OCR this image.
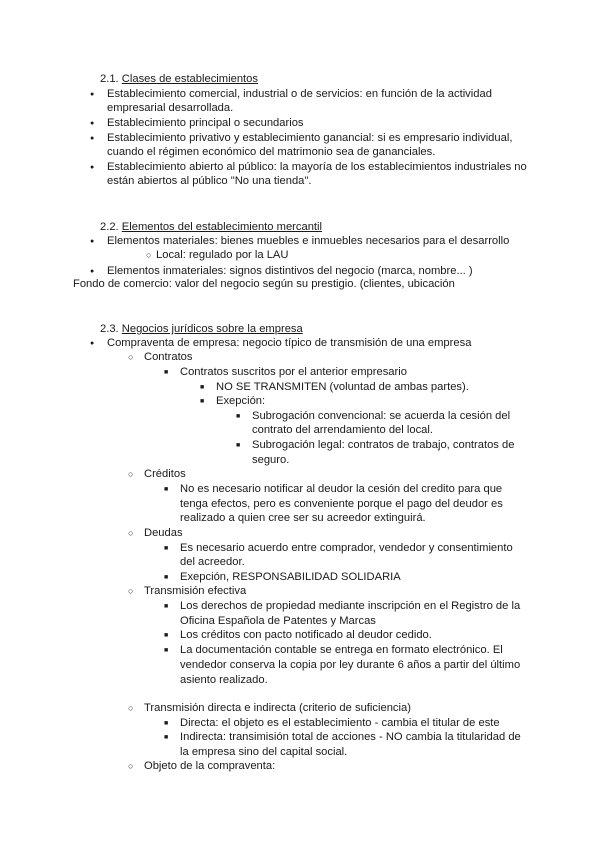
2.1. Clases de establecimientos
●
Establecimiento comercial, industrial o de servicios: en función de la actividad
empresarial desarrollada.
●
Establecimiento principal o secundarios
●
Establecimiento privativo y establecimiento ganancial: si es empresario individual,
cuando el régimen económico del matrimonio sea de gananciales.
●
Establecimiento abierto al público: la mayoría de los establecimientos industriales no
están abiertos al público "No una tienda".
2.2. Elementos del establecimiento mercantil
●
Elementos materiales: bienes muebles e inmuebles necesarios para el desarrollo
○
Local: regulado por la LAU
●
Elementos inmateriales: signos distintivos del negocio (marca, nombre... )
Fondo de comercio: valor del negocio según su prestigio. (clientes, ubicación
2.3. Negocios jurídicos sobre la empresa
●
Compraventa de empresa: negocio típico de transmisión de una empresa
○
Contratos
■
Contratos suscritos por el anterior empresario
■
NO SE TRANSMITEN (voluntad de ambas partes).
■
Exepción:
■
Subrogación convencional: se acuerda la cesión del
contrato del arrendamiento del local.
■
Subrogación legal: contratos de trabajo, contratos de
seguro.
○
Créditos
■
No es necesario notificar al deudor la cesión del credito para que
tenga efectos, pero es conveniente porque el pago del deudor es
realizado a quien cree ser su acreedor extinguirá.
○
Deudas
■
Es necesario acuerdo entre comprador, vendedor y consentimiento
del acreedor.
■
Exepción, RESPONSABILIDAD SOLIDARIA
○
Transmisión efectiva
■
Los derechos de propiedad mediante inscripción en el Registro de la
Oficina Española de Patentes y Marcas
■
Los créditos con pacto notificado al deudor cedido.
■
La documentación contable se entrega en formato electrónico. El
vendedor conserva la copia por ley durante 6 años a partir del último
asiento realizado.
○
Transmisión directa e indirecta (criterio de suficiencia)
■
Directa: el objeto es el establecimiento - cambia el titular de este
■
Indirecta: transimisión total de acciones - NO cambia la titularidad de
la empresa sino del capital social.
○
Objeto de la compraventa:
